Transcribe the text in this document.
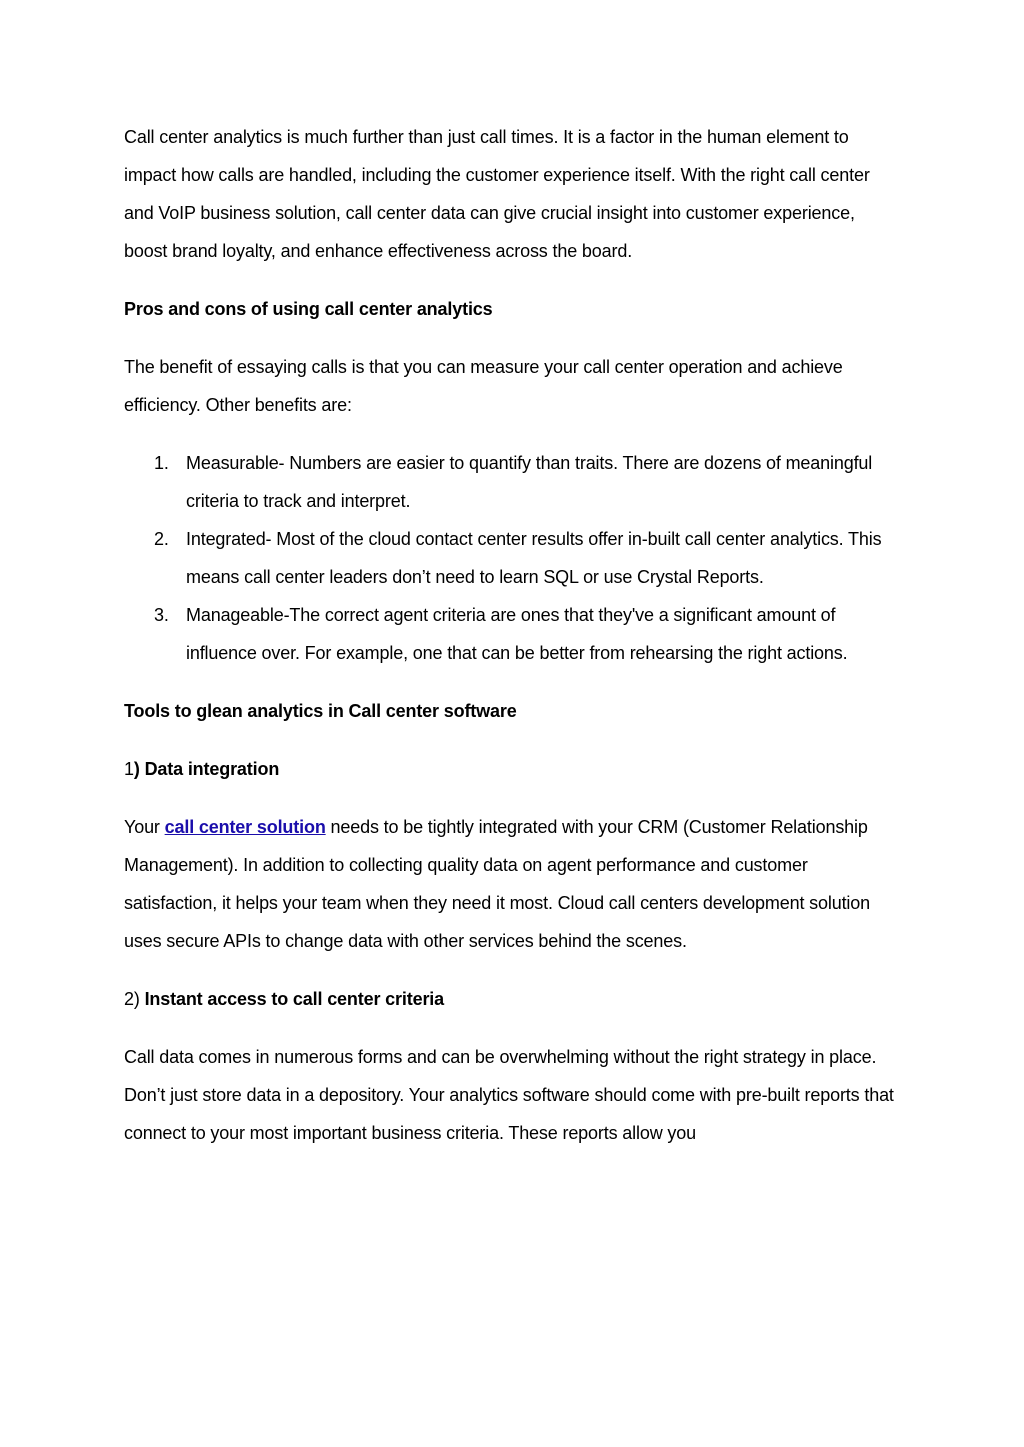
Call center analytics is much further than just call times. It is a factor in the human element to impact how calls are handled, including the customer experience itself. With the right call center and VoIP business solution, call center data can give crucial insight into customer experience, boost brand loyalty, and enhance effectiveness across the board.

Pros and cons of using call center analytics

The benefit of essaying calls is that you can measure your call center operation and achieve efficiency. Other benefits are:

1. Measurable- Numbers are easier to quantify than traits. There are dozens of meaningful criteria to track and interpret.
2. Integrated- Most of the cloud contact center results offer in-built call center analytics. This means call center leaders don’t need to learn SQL or use Crystal Reports.
3. Manageable-The correct agent criteria are ones that they've a significant amount of influence over. For example, one that can be better from rehearsing the right actions.

Tools to glean analytics in Call center software

1) Data integration

Your call center solution needs to be tightly integrated with your CRM (Customer Relationship Management). In addition to collecting quality data on agent performance and customer satisfaction, it helps your team when they need it most. Cloud call centers development solution uses secure APIs to change data with other services behind the scenes.

2) Instant access to call center criteria

Call data comes in numerous forms and can be overwhelming without the right strategy in place. Don’t just store data in a depository. Your analytics software should come with pre-built reports that connect to your most important business criteria. These reports allow you
